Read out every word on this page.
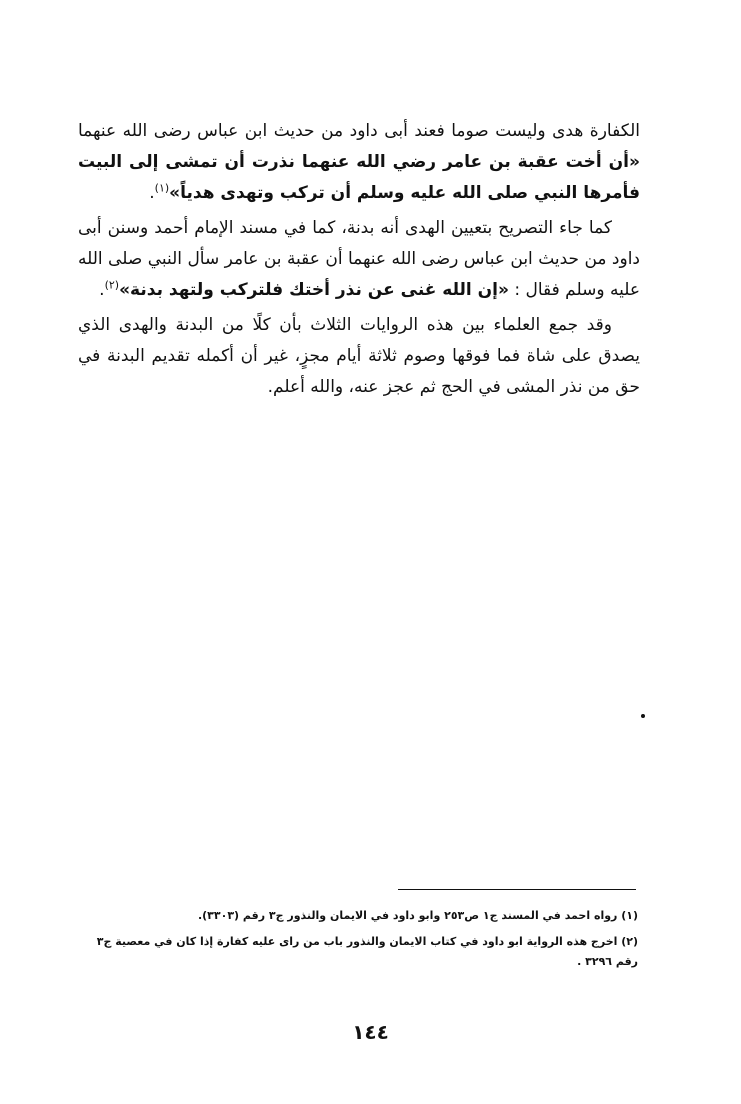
الكفارة هدى وليست صوما فعند أبى داود من حديث ابن عباس رضى الله عنهما «أن أخت عقبة بن عامر رضي الله عنهما نذرت أن تمشى إلى البيت فأمرها النبي صلى الله عليه وسلم أن تركب وتهدى هدياً»$^{(١)}$.

كما جاء التصريح بتعيين الهدى أنه بدنة، كما في مسند الإمام أحمد وسنن أبى داود من حديث ابن عباس رضى الله عنهما أن عقبة بن عامر سأل النبي صلى الله عليه وسلم فقال : «إن الله غنى عن نذر أختك فلتركب ولتهد بدنة»$^{(٢)}$.

وقد جمع العلماء بين هذه الروايات الثلاث بأن كلًا من البدنة والهدى الذي يصدق على شاة فما فوقها وصوم ثلاثة أيام مجزٍ، غير أن أكمله تقديم البدنة في حق من نذر المشى في الحج ثم عجز عنه، والله أعلم.

(١) رواه احمد في المسند ج١ ص٢٥٣ وابو داود في الايمان والنذور ج٣ رقم (٣٣٠٣).

(٢) اخرج هذه الرواية ابو داود في كتاب الايمان والنذور باب من راى عليه كفارة إذا كان في معصية ج٣ رقم ٣٢٩٦ .

١٤٤
